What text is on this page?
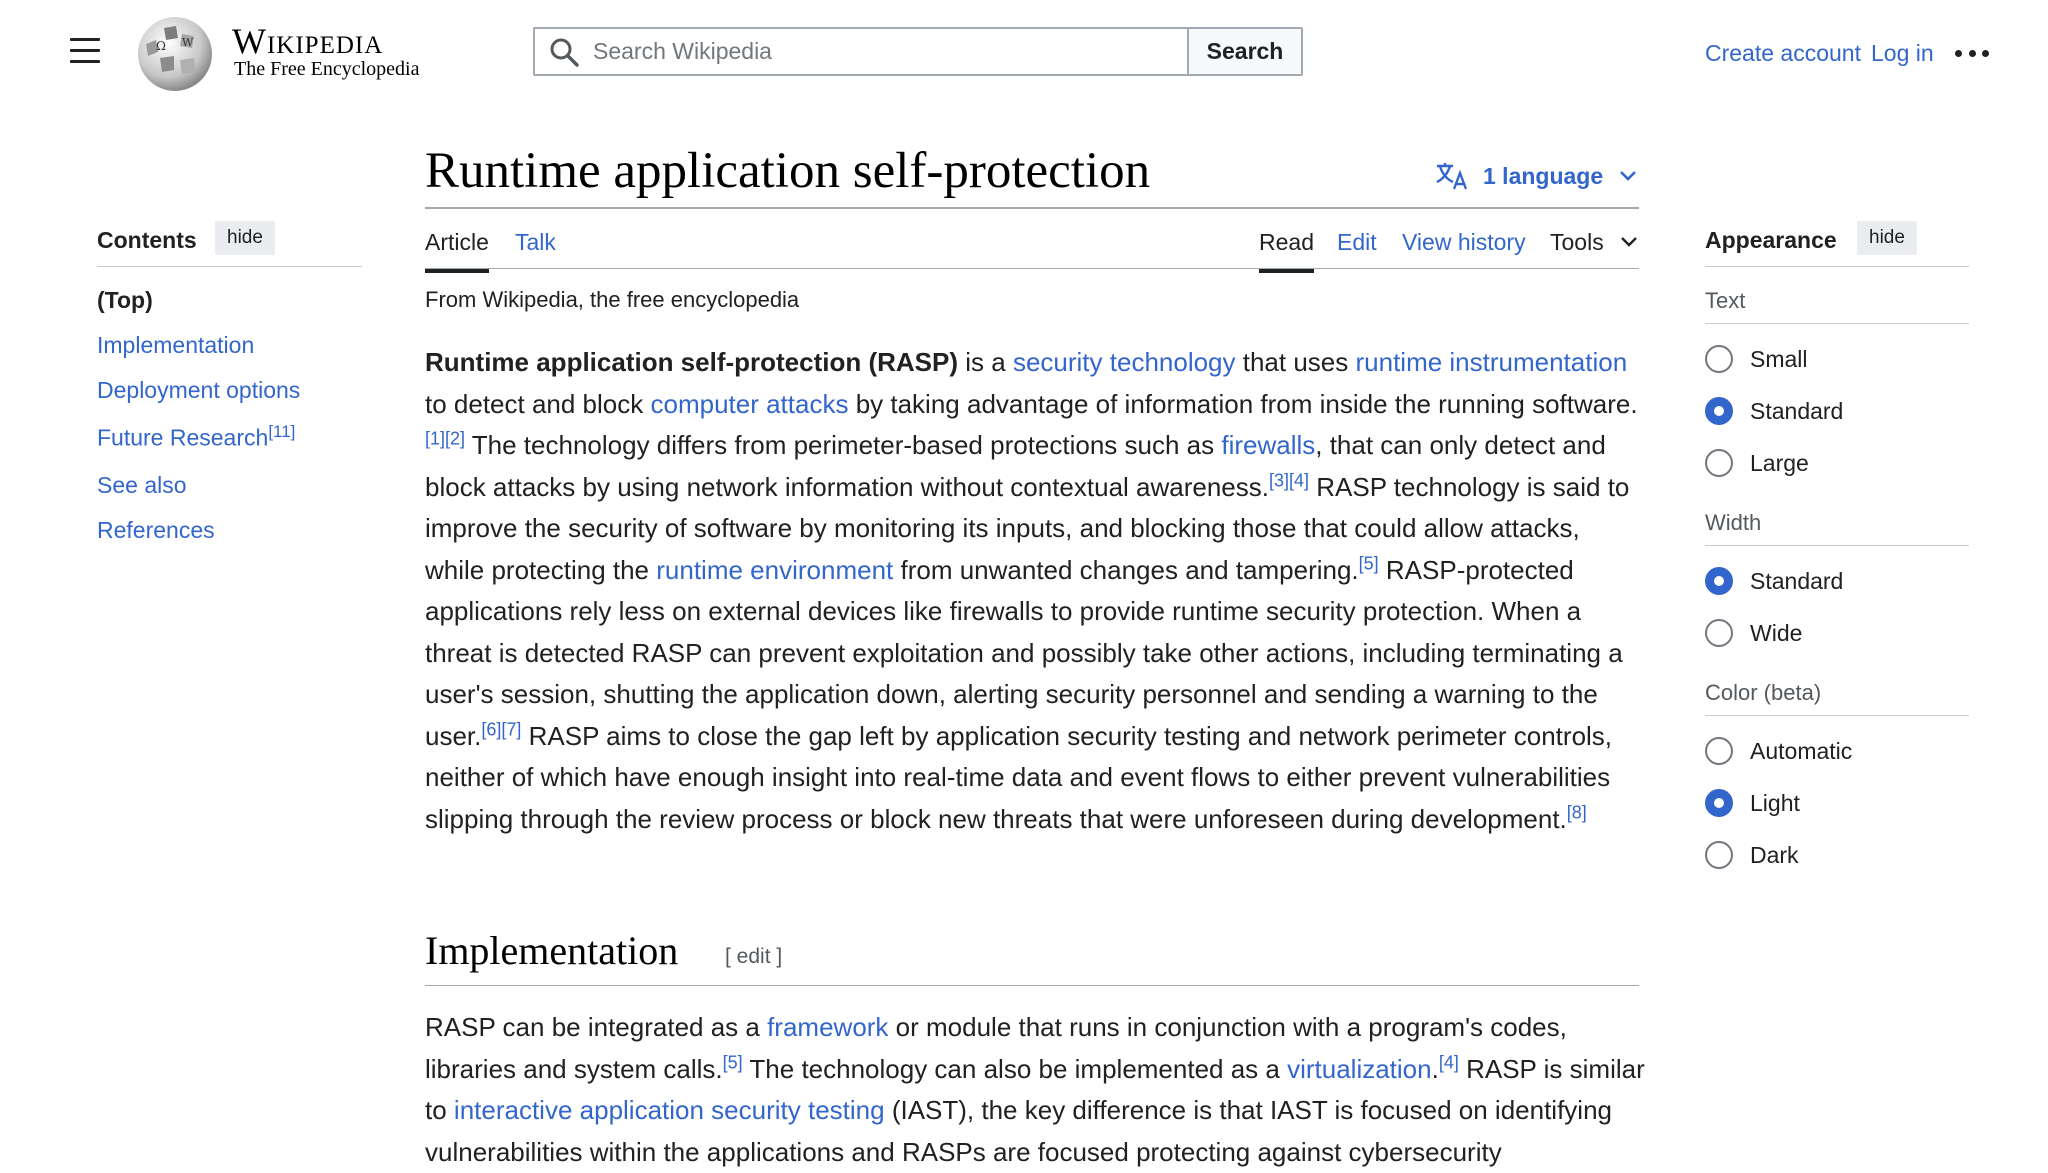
Ω W Wikipedia
The Free Encyclopedia
Search Wikipedia
Search	Create account Log in
Runtime application self-protection	1 language
Article Talk	Read Edit View history Tools
Contents	hide
(Top)
Implementation
Deployment options
Future Research[11]
See also
References
From Wikipedia, the free encyclopedia

Runtime application self-protection (RASP) is a security technology that uses runtime instrumentation to detect and block computer attacks by taking advantage of information from inside the running software.[1][2] The technology differs from perimeter-based protections such as firewalls, that can only detect and block attacks by using network information without contextual awareness.[3][4] RASP technology is said to improve the security of software by monitoring its inputs, and blocking those that could allow attacks, while protecting the runtime environment from unwanted changes and tampering.[5] RASP-protected applications rely less on external devices like firewalls to provide runtime security protection. When a threat is detected RASP can prevent exploitation and possibly take other actions, including terminating a user's session, shutting the application down, alerting security personnel and sending a warning to the user.[6][7] RASP aims to close the gap left by application security testing and network perimeter controls, neither of which have enough insight into real-time data and event flows to either prevent vulnerabilities slipping through the review process or block new threats that were unforeseen during development.[8]

Implementation [ edit ]

RASP can be integrated as a framework or module that runs in conjunction with a program's codes, libraries and system calls.[5] The technology can also be implemented as a virtualization.[4] RASP is similar to interactive application security testing (IAST), the key difference is that IAST is focused on identifying vulnerabilities within the applications and RASPs are focused protecting against cybersecurity

Appearance	hide
Text
Small
Standard
Large
Width
Standard
Wide
Color (beta)
Automatic
Light
Dark
